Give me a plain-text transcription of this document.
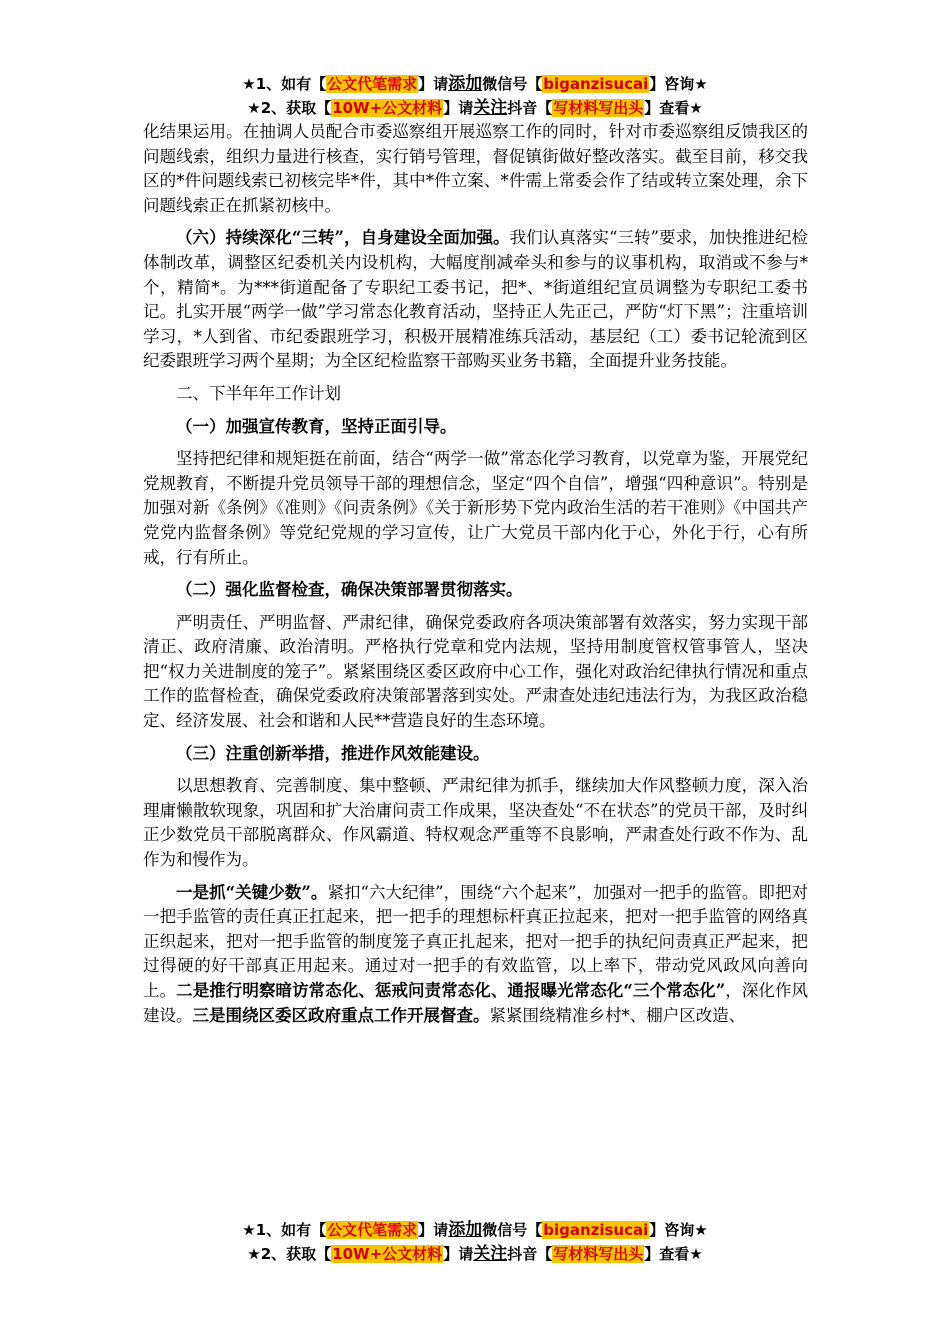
★1、如有【公文代笔需求】请添加微信号【biganzisucai】咨询★
★2、获取【10W+公文材料】请关注抖音【写材料写出头】查看★

化结果运用。在抽调人员配合市委巡察组开展巡察工作的同时，针对市委巡察组反馈我区的问题线索，组织力量进行核查，实行销号管理，督促镇街做好整改落实。截至目前，移交我区的*件问题线索已初核完毕*件，其中*件立案、*件需上常委会作了结或转立案处理，余下问题线索正在抓紧初核中。

（六）持续深化“三转”，自身建设全面加强。我们认真落实“三转”要求，加快推进纪检体制改革，调整区纪委机关内设机构，大幅度削减牵头和参与的议事机构，取消或不参与*个，精简*。为***街道配备了专职纪工委书记，把*、*街道组纪宣员调整为专职纪工委书记。扎实开展“两学一做”学习常态化教育活动，坚持正人先正己，严防“灯下黑”；注重培训学习，*人到省、市纪委跟班学习，积极开展精准练兵活动，基层纪（工）委书记轮流到区纪委跟班学习两个星期；为全区纪检监察干部购买业务书籍，全面提升业务技能。

二、下半年年工作计划

（一）加强宣传教育，坚持正面引导。

坚持把纪律和规矩挺在前面，结合“两学一做”常态化学习教育，以党章为鉴，开展党纪党规教育，不断提升党员领导干部的理想信念，坚定“四个自信”，增强“四种意识”。特别是加强对新《条例》《准则》《问责条例》《关于新形势下党内政治生活的若干准则》《中国共产党党内监督条例》等党纪党规的学习宣传，让广大党员干部内化于心，外化于行，心有所戒，行有所止。

（二）强化监督检查，确保决策部署贯彻落实。

严明责任、严明监督、严肃纪律，确保党委政府各项决策部署有效落实，努力实现干部清正、政府清廉、政治清明。严格执行党章和党内法规，坚持用制度管权管事管人，坚决把“权力关进制度的笼子”。紧紧围绕区委区政府中心工作，强化对政治纪律执行情况和重点工作的监督检查，确保党委政府决策部署落到实处。严肃查处违纪违法行为，为我区政治稳定、经济发展、社会和谐和人民**营造良好的生态环境。

（三）注重创新举措，推进作风效能建设。

以思想教育、完善制度、集中整顿、严肃纪律为抓手，继续加大作风整顿力度，深入治理庸懒散软现象，巩固和扩大治庸问责工作成果，坚决查处“不在状态”的党员干部，及时纠正少数党员干部脱离群众、作风霸道、特权观念严重等不良影响，严肃查处行政不作为、乱作为和慢作为。

一是抓“关键少数”。紧扣“六大纪律”，围绕“六个起来”，加强对一把手的监管。即把对一把手监管的责任真正扛起来，把一把手的理想标杆真正拉起来，把对一把手监管的网络真正织起来，把对一把手监管的制度笼子真正扎起来，把对一把手的执纪问责真正严起来，把过得硬的好干部真正用起来。通过对一把手的有效监管，以上率下，带动党风政风向善向上。二是推行明察暗访常态化、惩戒问责常态化、通报曝光常态化“三个常态化”，深化作风建设。三是围绕区委区政府重点工作开展督查。紧紧围绕精准乡村*、棚户区改造、

★1、如有【公文代笔需求】请添加微信号【biganzisucai】咨询★
★2、获取【10W+公文材料】请关注抖音【写材料写出头】查看★
